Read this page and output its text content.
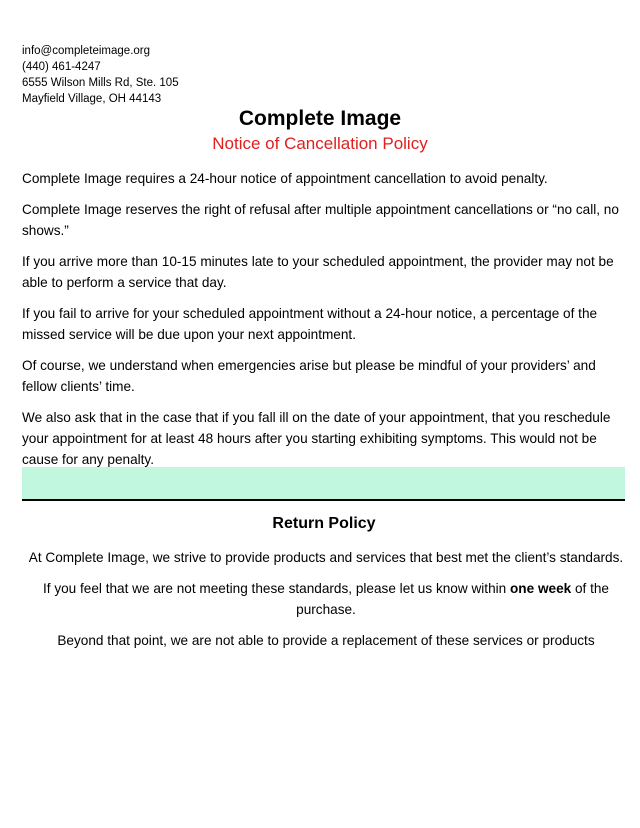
info@completeimage.org
(440) 461-4247
6555 Wilson Mills Rd, Ste. 105
Mayfield Village, OH 44143
Complete Image
Notice of Cancellation Policy

Complete Image requires a 24-hour notice of appointment cancellation to avoid penalty.

Complete Image reserves the right of refusal after multiple appointment cancellations or “no call, no shows.”

If you arrive more than 10-15 minutes late to your scheduled appointment, the provider may not be able to perform a service that day.

If you fail to arrive for your scheduled appointment without a 24-hour notice, a percentage of the missed service will be due upon your next appointment.

Of course, we understand when emergencies arise but please be mindful of your providers’ and fellow clients’ time.

We also ask that in the case that if you fall ill on the date of your appointment, that you reschedule your appointment for at least 48 hours after you starting exhibiting symptoms. This would not be cause for any penalty.

Return Policy

At Complete Image, we strive to provide products and services that best met the client’s standards.

If you feel that we are not meeting these standards, please let us know within one week of the purchase.

Beyond that point, we are not able to provide a replacement of these services or products
